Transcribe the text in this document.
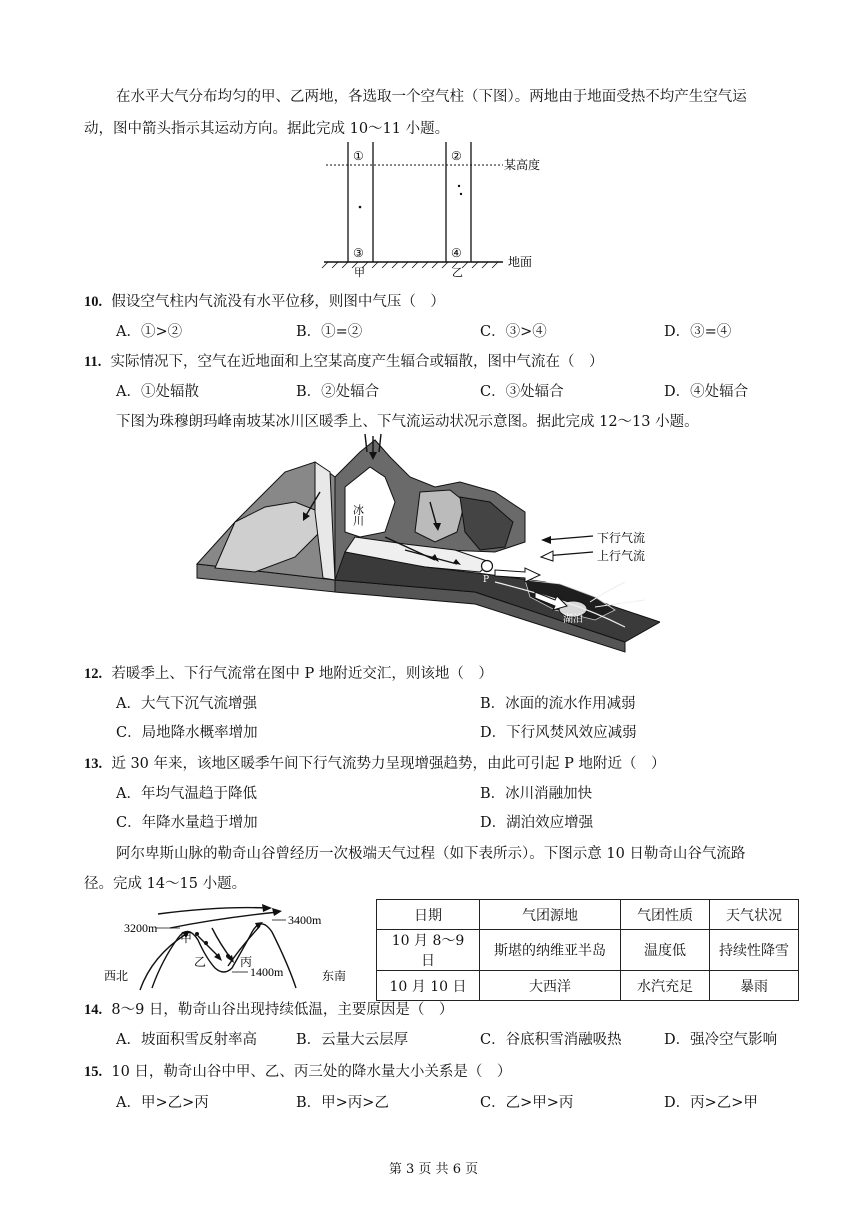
在水平大气分布均匀的甲、乙两地，各选取一个空气柱（下图）。两地由于地面受热不均产生空气运
动，图中箭头指示其运动方向。据此完成 10～11 小题。
①	②
③	④
某高度
地面
甲	乙
10. 假设空气柱内气流没有水平位移，则图中气压（　）
A．①>②	B．①=②	C．③>④	D．③=④
11. 实际情况下，空气在近地面和上空某高度产生辐合或辐散，图中气流在（　）
A．①处辐散	B．②处辐合	C．③处辐合	D．④处辐合
下图为珠穆朗玛峰南坡某冰川区暖季上、下气流运动状况示意图。据此完成 12～13 小题。
下行气流
上行气流
冰川
河流
湖泊
P
12. 若暖季上、下行气流常在图中 P 地附近交汇，则该地（　）
A．大气下沉气流增强	B．冰面的流水作用减弱
C．局地降水概率增加	D．下行风焚风效应减弱
13. 近 30 年来，该地区暖季午间下行气流势力呈现增强趋势，由此可引起 P 地附近（　）
A．年均气温趋于降低	B．冰川消融加快
C．年降水量趋于增加	D．湖泊效应增强
阿尔卑斯山脉的勒奇山谷曾经历一次极端天气过程（如下表所示）。下图示意 10 日勒奇山谷气流路
径。完成 14～15 小题。
3200m
3400m
1400m
甲
乙	丙
西北	东南
日期	气团源地	气团性质	天气状况
10 月 8～9 日	斯堪的纳维亚半岛	温度低	持续性降雪
10 月 10 日	大西洋	水汽充足	暴雨
14. 8～9 日，勒奇山谷出现持续低温，主要原因是（　）
A．坡面积雪反射率高	B．云量大云层厚	C．谷底积雪消融吸热	D．强冷空气影响
15. 10 日，勒奇山谷中甲、乙、丙三处的降水量大小关系是（　）
A．甲>乙>丙	B．甲>丙>乙	C．乙>甲>丙	D．丙>乙>甲
第 3 页 共 6 页
